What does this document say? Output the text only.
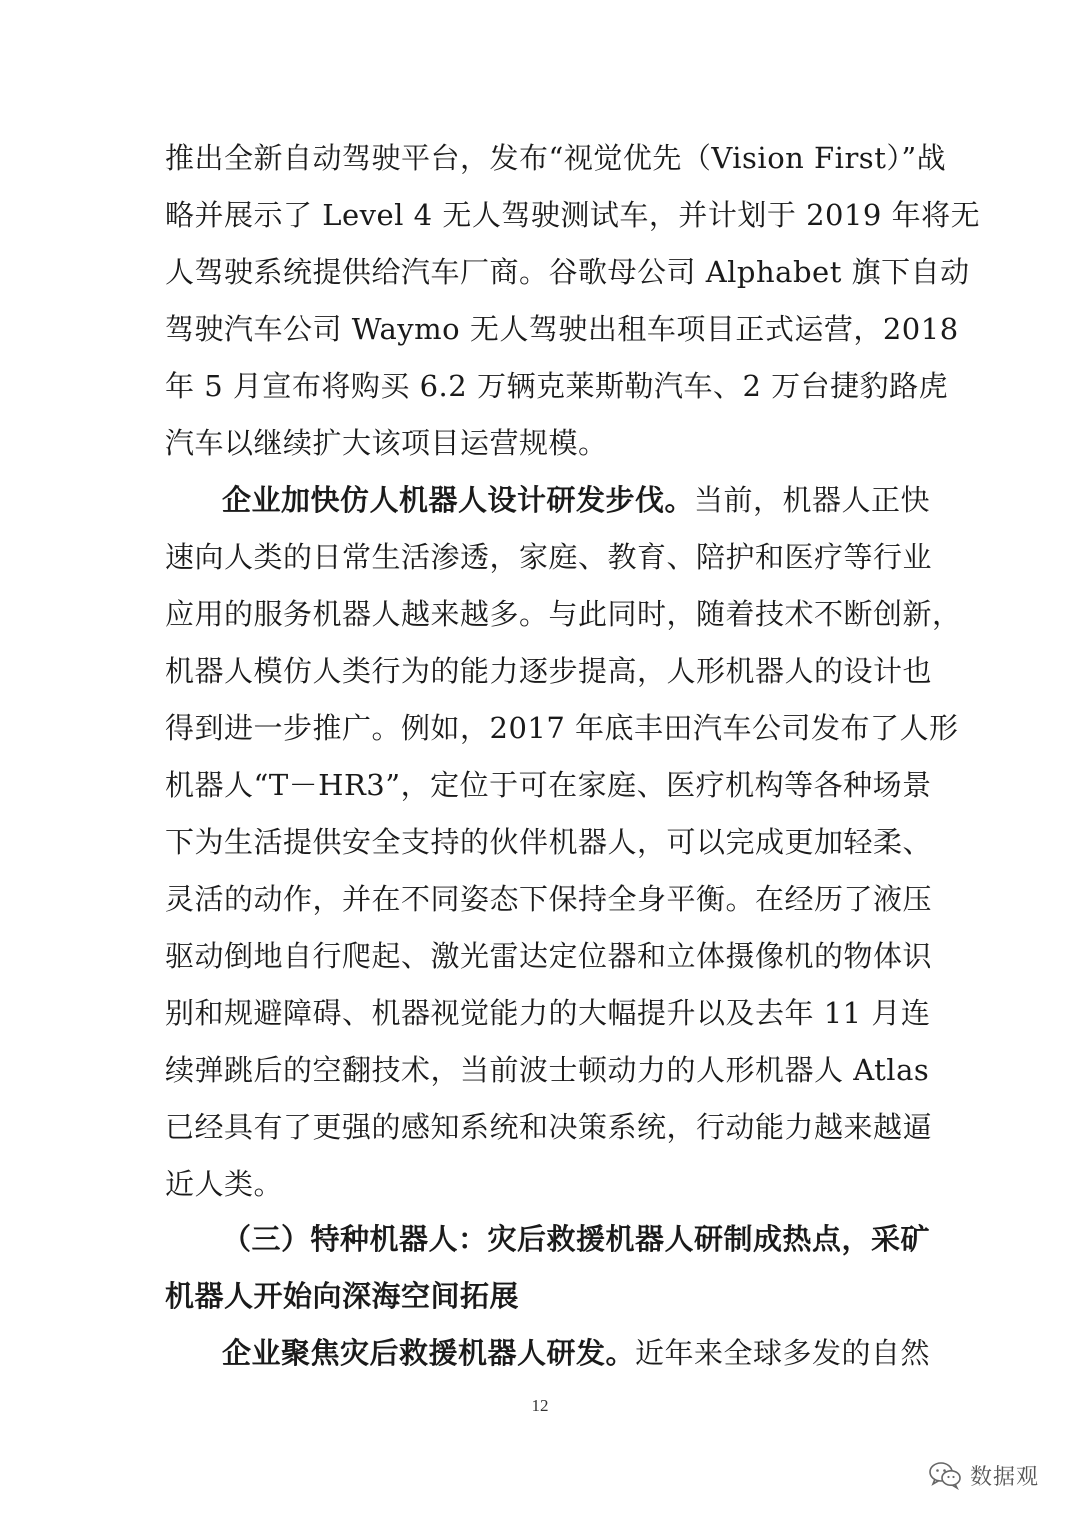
推出全新自动驾驶平台，发布“视觉优先（Vision First）”战
略并展示了 Level 4 无人驾驶测试车，并计划于 2019 年将无
人驾驶系统提供给汽车厂商。谷歌母公司 Alphabet 旗下自动
驾驶汽车公司 Waymo 无人驾驶出租车项目正式运营，2018
年 5 月宣布将购买 6.2 万辆克莱斯勒汽车、2 万台捷豹路虎
汽车以继续扩大该项目运营规模。
企业加快仿人机器人设计研发步伐。 当前，机器人正快
速向人类的日常生活渗透，家庭、教育、陪护和医疗等行业
应用的服务机器人越来越多。与此同时，随着技术不断创新，
机器人模仿人类行为的能力逐步提高，人形机器人的设计也
得到进一步推广。例如，2017 年底丰田汽车公司发布了人形
机器人“T－HR3”，定位于可在家庭、医疗机构等各种场景
下为生活提供安全支持的伙伴机器人，可以完成更加轻柔、
灵活的动作，并在不同姿态下保持全身平衡。在经历了液压
驱动倒地自行爬起、激光雷达定位器和立体摄像机的物体识
别和规避障碍、机器视觉能力的大幅提升以及去年 11 月连
续弹跳后的空翻技术，当前波士顿动力的人形机器人 Atlas
已经具有了更强的感知系统和决策系统，行动能力越来越逼
近人类。
（三）特种机器人：灾后救援机器人研制成热点，采矿
机器人开始向深海空间拓展
企业聚焦灾后救援机器人研发。 近年来全球多发的自然
12
数据观
